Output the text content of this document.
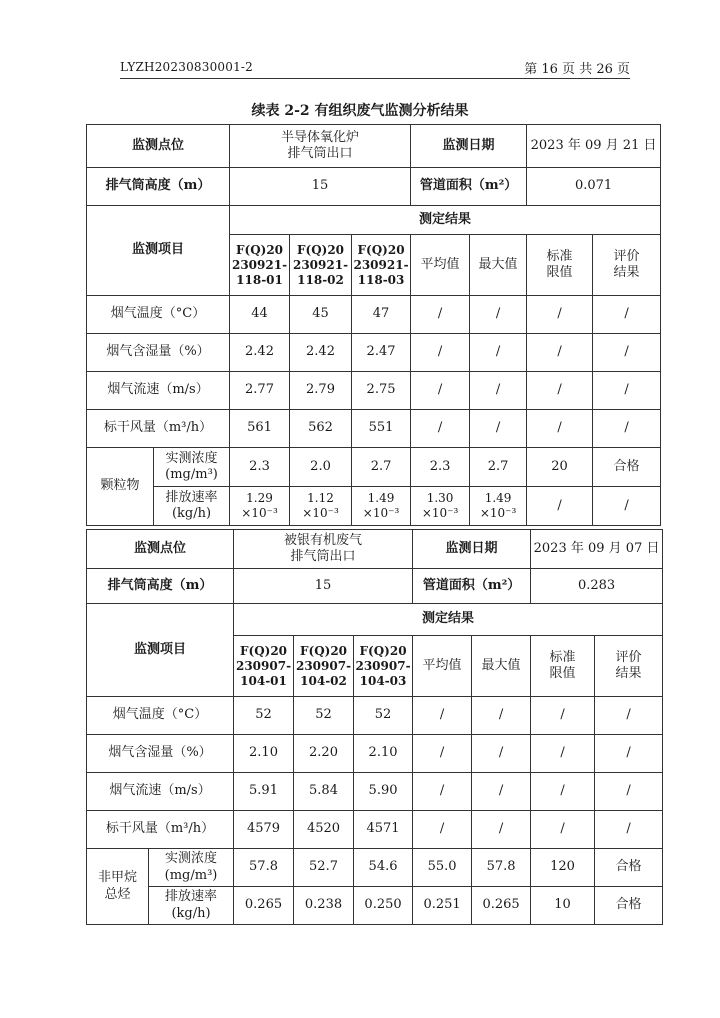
LYZH20230830001-2	第 16 页 共 26 页
续表 2-2 有组织废气监测分析结果
监测点位		半导体氧化炉
排气筒出口			监测日期		2023 年 09 月 21 日	
排气筒高度（m）		15			管道面积（m²）		0.071	
监测项目		测定结果						

		F(Q)20
230921-
118-01	F(Q)20
230921-
118-02	F(Q)20
230921-
118-03	平均值	最大值	标准
限值	评价
结果

烟气温度（°C）		44	45	47	/	/	/	/
烟气含湿量（%）		2.42	2.42	2.47	/	/	/	/
烟气流速（m/s）		2.77	2.79	2.75	/	/	/	/
标干风量（m³/h）		561	562	551	/	/	/	/
颗粒物	实测浓度
(mg/m³)	2.3	2.0	2.7	2.3	2.7	20	合格

	排放速率
(kg/h)	1.29
×10⁻³	1.12
×10⁻³	1.49
×10⁻³	1.30
×10⁻³	1.49
×10⁻³	/	/
监测点位		被银有机废气
排气筒出口			监测日期		2023 年 09 月 07 日	
排气筒高度（m）		15			管道面积（m²）		0.283	
监测项目		测定结果						

		F(Q)20
230907-
104-01	F(Q)20
230907-
104-02	F(Q)20
230907-
104-03	平均值	最大值	标准
限值	评价
结果

烟气温度（°C）		52	52	52	/	/	/	/
烟气含湿量（%）		2.10	2.20	2.10	/	/	/	/
烟气流速（m/s）		5.91	5.84	5.90	/	/	/	/
标干风量（m³/h）		4579	4520	4571	/	/	/	/

非甲烷
总烃	实测浓度
(mg/m³)	57.8	52.7	54.6	55.0	57.8	120	合格

	排放速率
(kg/h)	0.265	0.238	0.250	0.251	0.265	10	合格
